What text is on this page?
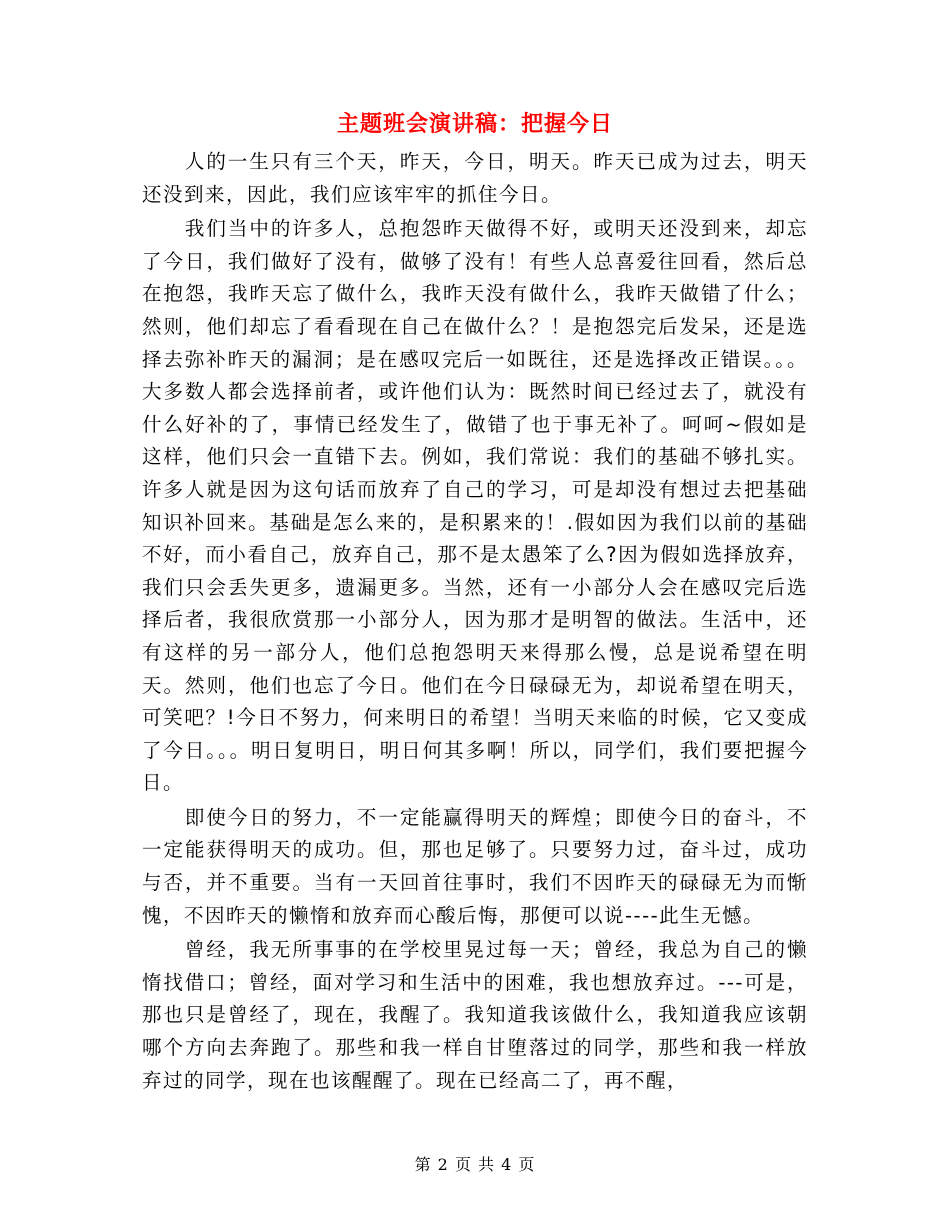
主题班会演讲稿：把握今日

人的一生只有三个天，昨天，今日，明天。昨天已成为过去，明天还没到来，因此，我们应该牢牢的抓住今日。

我们当中的许多人，总抱怨昨天做得不好，或明天还没到来，却忘了今日，我们做好了没有，做够了没有！有些人总喜爱往回看，然后总在抱怨，我昨天忘了做什么，我昨天没有做什么，我昨天做错了什么；然则，他们却忘了看看现在自己在做什么？！是抱怨完后发呆，还是选择去弥补昨天的漏洞；是在感叹完后一如既往，还是选择改正错误。。。大多数人都会选择前者，或许他们认为：既然时间已经过去了，就没有什么好补的了，事情已经发生了，做错了也于事无补了。呵呵~假如是这样，他们只会一直错下去。例如，我们常说：我们的基础不够扎实。许多人就是因为这句话而放弃了自己的学习，可是却没有想过去把基础知识补回来。基础是怎么来的，是积累来的！.假如因为我们以前的基础不好，而小看自己，放弃自己，那不是太愚笨了么?因为假如选择放弃，我们只会丢失更多，遗漏更多。当然，还有一小部分人会在感叹完后选择后者，我很欣赏那一小部分人，因为那才是明智的做法。生活中，还有这样的另一部分人，他们总抱怨明天来得那么慢，总是说希望在明天。然则，他们也忘了今日。他们在今日碌碌无为，却说希望在明天，可笑吧？!今日不努力，何来明日的希望！当明天来临的时候，它又变成了今日。。。明日复明日，明日何其多啊！所以，同学们，我们要把握今日。

即使今日的努力，不一定能赢得明天的辉煌；即使今日的奋斗，不一定能获得明天的成功。但，那也足够了。只要努力过，奋斗过，成功与否，并不重要。当有一天回首往事时，我们不因昨天的碌碌无为而惭愧，不因昨天的懒惰和放弃而心酸后悔，那便可以说----此生无憾。

曾经，我无所事事的在学校里晃过每一天；曾经，我总为自己的懒惰找借口；曾经，面对学习和生活中的困难，我也想放弃过。---可是，那也只是曾经了，现在，我醒了。我知道我该做什么，我知道我应该朝哪个方向去奔跑了。那些和我一样自甘堕落过的同学，那些和我一样放弃过的同学，现在也该醒醒了。现在已经高二了，再不醒，

第 2 页 共 4 页
